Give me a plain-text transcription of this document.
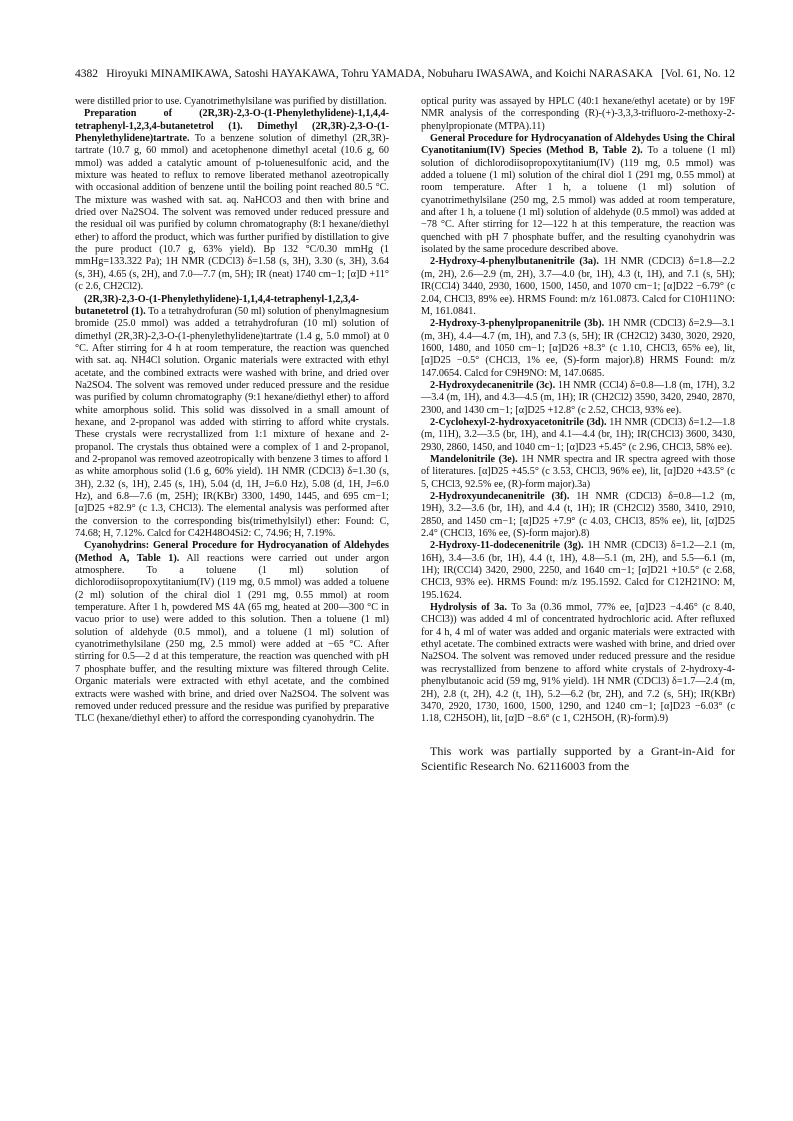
4382 Hiroyuki MINAMIKAWA, Satoshi HAYAKAWA, Tohru YAMADA, Nobuharu IWASAWA, and Koichi NARASAKA [Vol. 61, No. 12

were distilled prior to use. Cyanotrimethylsilane was purified by distillation.

Preparation of (2R,3R)-2,3-O-(1-Phenylethylidene)-1,1,4,4-tetraphenyl-1,2,3,4-butanetetrol (1). Dimethyl (2R,3R)-2,3-O-(1-Phenylethylidene)tartrate. To a benzene solution of dimethyl (2R,3R)-tartrate (10.7 g, 60 mmol) and acetophenone dimethyl acetal (10.6 g, 60 mmol) was added a catalytic amount of p-toluenesulfonic acid, and the mixture was heated to reflux to remove liberated methanol azeotropically with occasional addition of benzene until the boiling point reached 80.5 °C. The mixture was washed with sat. aq. NaHCO3 and then with brine and dried over Na2SO4. The solvent was removed under reduced pressure and the residual oil was purified by column chromatography (8:1 hexane/diethyl ether) to afford the product, which was further purified by distillation to give the pure product (10.7 g, 63% yield). Bp 132 °C/0.30 mmHg (1 mmHg=133.322 Pa); 1H NMR (CDCl3) δ=1.58 (s, 3H), 3.30 (s, 3H), 3.64 (s, 3H), 4.65 (s, 2H), and 7.0—7.7 (m, 5H); IR (neat) 1740 cm−1; [α]D +11° (c 2.6, CH2Cl2).

(2R,3R)-2,3-O-(1-Phenylethylidene)-1,1,4,4-tetraphenyl-1,2,3,4-butanetetrol (1). To a tetrahydrofuran (50 ml) solution of phenylmagnesium bromide (25.0 mmol) was added a tetrahydrofuran (10 ml) solution of dimethyl (2R,3R)-2,3-O-(1-phenylethylidene)tartrate (1.4 g, 5.0 mmol) at 0 °C. After stirring for 4 h at room temperature, the reaction was quenched with sat. aq. NH4Cl solution. Organic materials were extracted with ethyl acetate, and the combined extracts were washed with brine, and dried over Na2SO4. The solvent was removed under reduced pressure and the residue was purified by column chromatography (9:1 hexane/diethyl ether) to afford white amorphous solid. This solid was dissolved in a small amount of hexane, and 2-propanol was added with stirring to afford white crystals. These crystals were recrystallized from 1:1 mixture of hexane and 2-propanol. The crystals thus obtained were a complex of 1 and 2-propanol, and 2-propanol was removed azeotropically with benzene 3 times to afford 1 as white amorphous solid (1.6 g, 60% yield). 1H NMR (CDCl3) δ=1.30 (s, 3H), 2.32 (s, 1H), 2.45 (s, 1H), 5.04 (d, 1H, J=6.0 Hz), 5.08 (d, 1H, J=6.0 Hz), and 6.8—7.6 (m, 25H); IR(KBr) 3300, 1490, 1445, and 695 cm−1; [α]D25 +82.9° (c 1.3, CHCl3). The elemental analysis was performed after the conversion to the corresponding bis(trimethylsilyl) ether: Found: C, 74.68; H, 7.12%. Calcd for C42H48O4Si2: C, 74.96; H, 7.19%.

Cyanohydrins: General Procedure for Hydrocyanation of Aldehydes (Method A, Table 1). All reactions were carried out under argon atmosphere. To a toluene (1 ml) solution of dichlorodiisopropoxytitanium(IV) (119 mg, 0.5 mmol) was added a toluene (2 ml) solution of the chiral diol 1 (291 mg, 0.55 mmol) at room temperature. After 1 h, powdered MS 4A (65 mg, heated at 200—300 °C in vacuo prior to use) were added to this solution. Then a toluene (1 ml) solution of aldehyde (0.5 mmol), and a toluene (1 ml) solution of cyanotrimethylsilane (250 mg, 2.5 mmol) were added at −65 °C. After stirring for 0.5—2 d at this temperature, the reaction was quenched with pH 7 phosphate buffer, and the resulting mixture was filtered through Celite. Organic materials were extracted with ethyl acetate, and the combined extracts were washed with brine, and dried over Na2SO4. The solvent was removed under reduced pressure and the residue was purified by preparative TLC (hexane/diethyl ether) to afford the corresponding cyanohydrin. The

optical purity was assayed by HPLC (40:1 hexane/ethyl acetate) or by 19F NMR analysis of the corresponding (R)-(+)-3,3,3-trifluoro-2-methoxy-2-phenylpropionate (MTPA).11)

General Procedure for Hydrocyanation of Aldehydes Using the Chiral Cyanotitanium(IV) Species (Method B, Table 2). To a toluene (1 ml) solution of dichlorodiisopropoxytitanium(IV) (119 mg, 0.5 mmol) was added a toluene (1 ml) solution of the chiral diol 1 (291 mg, 0.55 mmol) at room temperature. After 1 h, a toluene (1 ml) solution of cyanotrimethylsilane (250 mg, 2.5 mmol) was added at room temperature, and after 1 h, a toluene (1 ml) solution of aldehyde (0.5 mmol) was added at −78 °C. After stirring for 12—122 h at this temperature, the reaction was quenched with pH 7 phosphate buffer, and the resulting cyanohydrin was isolated by the same procedure described above.

2-Hydroxy-4-phenylbutanenitrile (3a). 1H NMR (CDCl3) δ=1.8—2.2 (m, 2H), 2.6—2.9 (m, 2H), 3.7—4.0 (br, 1H), 4.3 (t, 1H), and 7.1 (s, 5H); IR(CCl4) 3440, 2930, 1600, 1500, 1450, and 1070 cm−1; [α]D22 −6.79° (c 2.04, CHCl3, 89% ee). HRMS Found: m/z 161.0873. Calcd for C10H11NO: M, 161.0841.

2-Hydroxy-3-phenylpropanenitrile (3b). 1H NMR (CDCl3) δ=2.9—3.1 (m, 3H), 4.4—4.7 (m, 1H), and 7.3 (s, 5H); IR (CH2Cl2) 3430, 3020, 2920, 1600, 1480, and 1050 cm−1; [α]D26 +8.3° (c 1.10, CHCl3, 65% ee), lit, [α]D25 −0.5° (CHCl3, 1% ee, (S)-form major).8) HRMS Found: m/z 147.0654. Calcd for C9H9NO: M, 147.0685.

2-Hydroxydecanenitrile (3c). 1H NMR (CCl4) δ=0.8—1.8 (m, 17H), 3.2—3.4 (m, 1H), and 4.3—4.5 (m, 1H); IR (CH2Cl2) 3590, 3420, 2940, 2870, 2300, and 1430 cm−1; [α]D25 +12.8° (c 2.52, CHCl3, 93% ee).

2-Cyclohexyl-2-hydroxyacetonitrile (3d). 1H NMR (CDCl3) δ=1.2—1.8 (m, 11H), 3.2—3.5 (br, 1H), and 4.1—4.4 (br, 1H); IR(CHCl3) 3600, 3430, 2930, 2860, 1450, and 1040 cm−1; [α]D23 +5.45° (c 2.96, CHCl3, 58% ee).

Mandelonitrile (3e). 1H NMR spectra and IR spectra agreed with those of literatures. [α]D25 +45.5° (c 3.53, CHCl3, 96% ee), lit, [α]D20 +43.5° (c 5, CHCl3, 92.5% ee, (R)-form major).3a)

2-Hydroxyundecanenitrile (3f). 1H NMR (CDCl3) δ=0.8—1.2 (m, 19H), 3.2—3.6 (br, 1H), and 4.4 (t, 1H); IR (CH2Cl2) 3580, 3410, 2910, 2850, and 1450 cm−1; [α]D25 +7.9° (c 4.03, CHCl3, 85% ee), lit, [α]D25 2.4° (CHCl3, 16% ee, (S)-form major).8)

2-Hydroxy-11-dodecenenitrile (3g). 1H NMR (CDCl3) δ=1.2—2.1 (m, 16H), 3.4—3.6 (br, 1H), 4.4 (t, 1H), 4.8—5.1 (m, 2H), and 5.5—6.1 (m, 1H); IR(CCl4) 3420, 2900, 2250, and 1640 cm−1; [α]D21 +10.5° (c 2.68, CHCl3, 93% ee). HRMS Found: m/z 195.1592. Calcd for C12H21NO: M, 195.1624.

Hydrolysis of 3a. To 3a (0.36 mmol, 77% ee, [α]D23 −4.46° (c 8.40, CHCl3)) was added 4 ml of concentrated hydrochloric acid. After refluxed for 4 h, 4 ml of water was added and organic materials were extracted with ethyl acetate. The combined extracts were washed with brine, and dried over Na2SO4. The solvent was removed under reduced pressure and the residue was recrystallized from benzene to afford white crystals of 2-hydroxy-4-phenylbutanoic acid (59 mg, 91% yield). 1H NMR (CDCl3) δ=1.7—2.4 (m, 2H), 2.8 (t, 2H), 4.2 (t, 1H), 5.2—6.2 (br, 2H), and 7.2 (s, 5H); IR(KBr) 3470, 2920, 1730, 1600, 1500, 1290, and 1240 cm−1; [α]D23 −6.03° (c 1.18, C2H5OH), lit, [α]D −8.6° (c 1, C2H5OH, (R)-form).9)

This work was partially supported by a Grant-in-Aid for Scientific Research No. 62116003 from the
